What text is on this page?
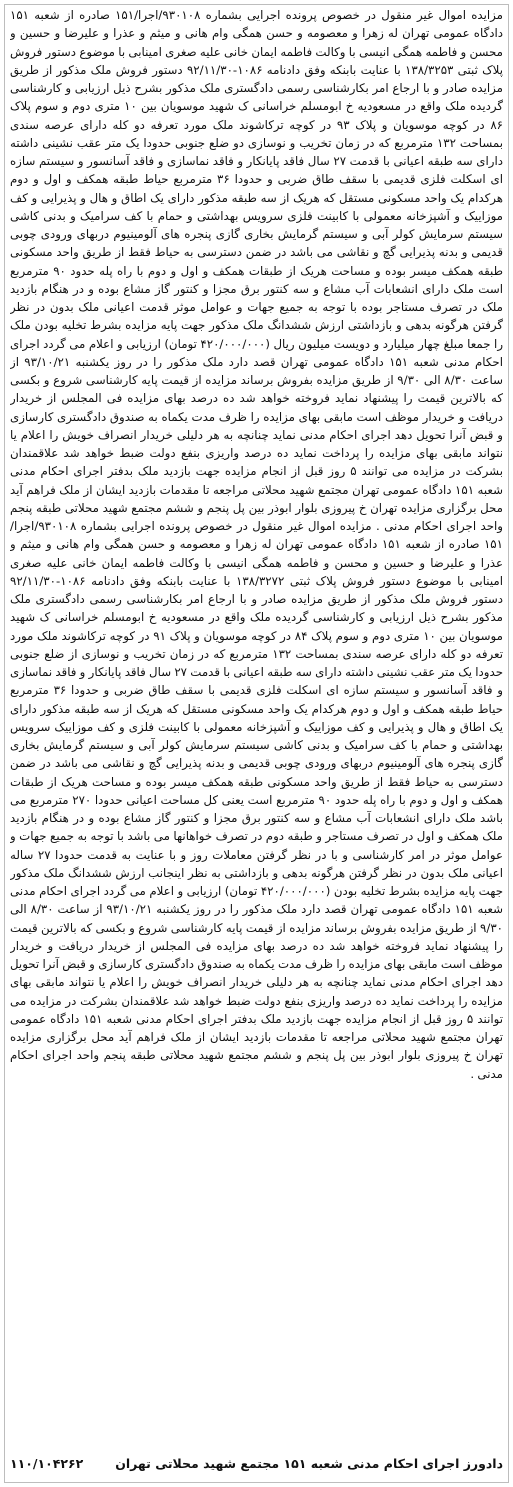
مزایده اموال غیر منقول در خصوص پرونده اجرایی بشماره ۹۳۰۱۰۸/اجرا/۱۵۱ صادره از شعبه ۱۵۱ دادگاه عمومی تهران له زهرا و معصومه و حسن همگی وام هانی و میثم و عذرا و علیرضا و حسین و محسن و فاطمه همگی انیسی با وکالت فاطمه ایمان خانی علیه صغری امینابی با موضوع دستور فروش پلاک ثبتی ۱۳۸/۳۲۵۳ با عنایت بابنکه وفق دادنامه ۱۰۸۶-۹۲/۱۱/۳۰ دستور فروش ملک مذکور از طریق مزایده صادر و با ارجاع امر بکارشناسی رسمی دادگستری ملک مذکور بشرح ذیل ارزیابی و کارشناسی گردیده ملک واقع در مسعودیه خ ابومسلم خراسانی ک شهید موسویان بین ۱۰ متری دوم و سوم پلاک ۸۶ در کوچه موسویان و پلاک ۹۳ در کوچه ترکاشوند ملک مورد تعرفه دو کله دارای عرصه سندی بمساحت ۱۳۲ مترمربع که در زمان تخریب و نوسازی دو ضلع جنوبی حدودا یک متر عقب نشینی داشته دارای سه طبقه اعیانی با قدمت ۲۷ سال فاقد پایانکار و فاقد نماسازی و فاقد آسانسور و سیستم سازه ای اسکلت فلزی قدیمی با سقف طاق ضربی و حدودا ۳۶ مترمربع حیاط طبقه همکف و اول و دوم هرکدام یک واحد مسکونی مستقل که هریک از سه طبقه مذکور دارای یک اطاق و هال و پذیرایی و کف موزاییک و آشپزخانه معمولی با کابینت فلزی سرویس بهداشتی و حمام با کف سرامیک و بدنی کاشی سیستم سرمایش کولر آبی و سیستم گرمایش بخاری گازی پنجره های آلومینیوم دربهای ورودی چوبی قدیمی و بدنه پذیرایی گچ و نقاشی می باشد در ضمن دسترسی به حیاط فقط از طریق واحد مسکونی طبقه همکف میسر بوده و مساحت هریک از طبقات همکف و اول و دوم با راه پله حدود ۹۰ مترمربع است ملک دارای انشعابات آب مشاع و سه کنتور برق مجزا و کنتور گاز مشاع بوده و در هنگام بازدید ملک در تصرف مستاجر بوده با توجه به جمیع جهات و عوامل موثر قدمت اعیانی ملک بدون در نظر گرفتن هرگونه بدهی و بازداشتی ارزش ششدانگ ملک مذکور جهت پایه مزایده بشرط تخلیه بودن ملک را جمعا مبلغ چهار میلیارد و دویست میلیون ریال (۴۲۰/۰۰۰/۰۰۰ تومان) ارزیابی و اعلام می گردد اجرای احکام مدنی شعبه ۱۵۱ دادگاه عمومی تهران قصد دارد ملک مذکور را در روز یکشنبه ۹۳/۱۰/۲۱ از ساعت ۸/۳۰ الی ۹/۳۰ از طریق مزایده بفروش برساند مزایده از قیمت پایه کارشناسی شروع و بکسی که بالاترین قیمت را پیشنهاد نماید فروخته خواهد شد ده درصد بهای مزایده فی المجلس از خریدار دریافت و خریدار موظف است مابقی بهای مزایده را ظرف مدت یکماه به صندوق دادگستری کارسازی و قبض آنرا تحویل دهد اجرای احکام مدنی نماید چنانچه به هر دلیلی خریدار انصراف خویش را اعلام یا نتواند مابقی بهای مزایده را پرداخت نماید ده درصد واریزی بنفع دولت ضبط خواهد شد علاقمندان بشرکت در مزایده می توانند ۵ روز قبل از انجام مزایده جهت بازدید ملک بدفتر اجرای احکام مدنی شعبه ۱۵۱ دادگاه عمومی تهران مجتمع شهید محلاتی مراجعه تا مقدمات بازدید ایشان از ملک فراهم آید محل برگزاری مزایده تهران خ پیروزی بلوار ابوذر بین پل پنجم و ششم مجتمع شهید محلاتی طبقه پنجم واحد اجرای احکام مدنی . مزایده اموال غیر منقول در خصوص پرونده اجرایی بشماره ۹۳۰۱۰۸/اجرا/۱۵۱ صادره از شعبه ۱۵۱ دادگاه عمومی تهران له زهرا و معصومه و حسن همگی وام هانی و میثم و عذرا و علیرضا و حسین و محسن و فاطمه همگی انیسی با وکالت فاطمه ایمان خانی علیه صغری امینابی با موضوع دستور فروش پلاک ثبتی ۱۳۸/۳۲۷۲ با عنایت بابنکه وفق دادنامه ۱۰۸۶-۹۲/۱۱/۳۰ دستور فروش ملک مذکور از طریق مزایده صادر و با ارجاع امر بکارشناسی رسمی دادگستری ملک مذکور بشرح ذیل ارزیابی و کارشناسی گردیده ملک واقع در مسعودیه خ ابومسلم خراسانی ک شهید موسویان بین ۱۰ متری دوم و سوم پلاک ۸۴ در کوچه موسویان و پلاک ۹۱ در کوچه ترکاشوند ملک مورد تعرفه دو کله دارای عرصه سندی بمساحت ۱۳۲ مترمربع که در زمان تخریب و نوسازی از ضلع جنوبی حدودا یک متر عقب نشینی داشته دارای سه طبقه اعیانی با قدمت ۲۷ سال فاقد پایانکار و فاقد نماسازی و فاقد آسانسور و سیستم سازه ای اسکلت فلزی قدیمی با سقف طاق ضربی و حدودا ۳۶ مترمربع حیاط طبقه همکف و اول و دوم هرکدام یک واحد مسکونی مستقل که هریک از سه طبقه مذکور دارای یک اطاق و هال و پذیرایی و کف موزاییک و آشپزخانه معمولی با کابینت فلزی و کف موزاییک سرویس بهداشتی و حمام با کف سرامیک و بدنی کاشی سیستم سرمایش کولر آبی و سیستم گرمایش بخاری گازی پنجره های آلومینیوم دربهای ورودی چوبی قدیمی و بدنه پذیرایی گچ و نقاشی می باشد در ضمن دسترسی به حیاط فقط از طریق واحد مسکونی طبقه همکف میسر بوده و مساحت هریک از طبقات همکف و اول و دوم با راه پله حدود ۹۰ مترمربع است یعنی کل مساحت اعیانی حدودا ۲۷۰ مترمربع می باشد ملک دارای انشعابات آب مشاع و سه کنتور برق مجزا و کنتور گاز مشاع بوده و در هنگام بازدید ملک همکف و اول در تصرف مستاجر و طبقه دوم در تصرف خواهانها می باشد با توجه به جمیع جهات و عوامل موثر در امر کارشناسی و با در نظر گرفتن معاملات روز و با عنایت به قدمت حدودا ۲۷ ساله اعیانی ملک بدون در نظر گرفتن هرگونه بدهی و بازداشتی به نظر اینجانب ارزش ششدانگ ملک مذکور جهت پایه مزایده بشرط تخلیه بودن (۴۲۰/۰۰۰/۰۰۰ تومان) ارزیابی و اعلام می گردد اجرای احکام مدنی شعبه ۱۵۱ دادگاه عمومی تهران قصد دارد ملک مذکور را در روز یکشنبه ۹۳/۱۰/۲۱ از ساعت ۸/۳۰ الی ۹/۳۰ از طریق مزایده بفروش برساند مزایده از قیمت پایه کارشناسی شروع و بکسی که بالاترین قیمت را پیشنهاد نماید فروخته خواهد شد ده درصد بهای مزایده فی المجلس از خریدار دریافت و خریدار موظف است مابقی بهای مزایده را ظرف مدت یکماه به صندوق دادگستری کارسازی و قبض آنرا تحویل دهد اجرای احکام مدنی نماید چنانچه به هر دلیلی خریدار انصراف خویش را اعلام یا نتواند مابقی بهای مزایده را پرداخت نماید ده درصد واریزی بنفع دولت ضبط خواهد شد علاقمندان بشرکت در مزایده می توانند ۵ روز قبل از انجام مزایده جهت بازدید ملک بدفتر اجرای احکام مدنی شعبه ۱۵۱ دادگاه عمومی تهران مجتمع شهید محلاتی مراجعه تا مقدمات بازدید ایشان از ملک فراهم آید محل برگزاری مزایده تهران خ پیروزی بلوار ابوذر بین پل پنجم و ششم مجتمع شهید محلاتی طبقه پنجم واحد اجرای احکام مدنی .

۱۱۰/۱۰۴۲۶۲	دادورز اجرای احکام مدنی شعبه ۱۵۱ مجتمع شهید محلاتی تهران
